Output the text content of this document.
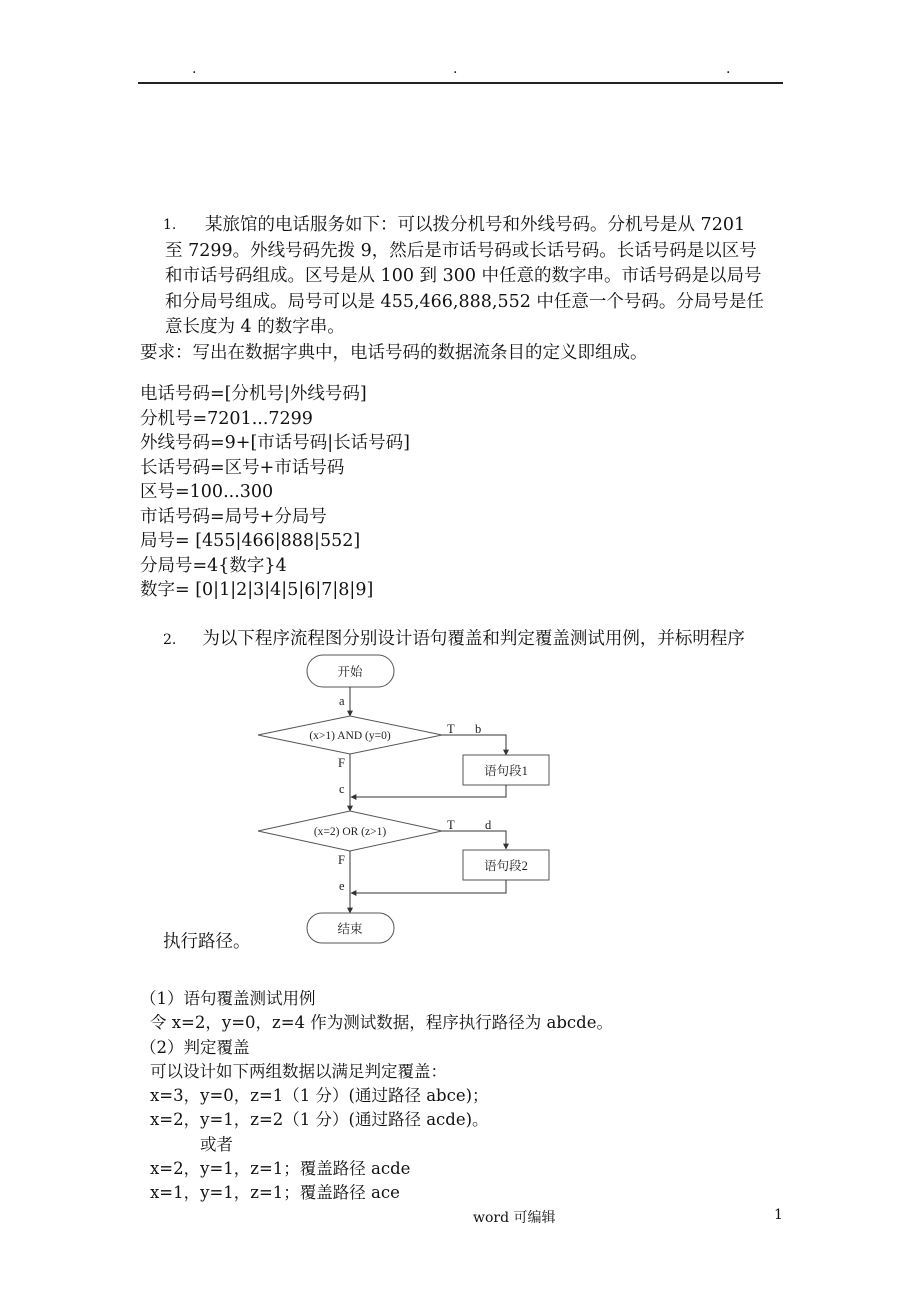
.	.	.
1. 某旅馆的电话服务如下：可以拨分机号和外线号码。分机号是从 7201
至 7299。外线号码先拨 9，然后是市话号码或长话号码。长话号码是以区号
和市话号码组成。区号是从 100 到 300 中任意的数字串。市话号码是以局号
和分局号组成。局号可以是 455,466,888,552 中任意一个号码。分局号是任
意长度为 4 的数字串。
要求：写出在数据字典中，电话号码的数据流条目的定义即组成。
电话号码=[分机号|外线号码]
分机号=7201...7299
外线号码=9+[市话号码|长话号码]
长话号码=区号+市话号码
区号=100...300
市话号码=局号+分局号
局号= [455|466|888|552]
分局号=4{数字}4
数字= [0|1|2|3|4|5|6|7|8|9]
2. 为以下程序流程图分别设计语句覆盖和判定覆盖测试用例，并标明程序
开始
a
(x>1) AND (y=0)	T b
语句段1
F
c
(x=2) OR (z>1)	T d
语句段2
F
e
结束
执行路径。
（1）语句覆盖测试用例
令 x=2，y=0，z=4 作为测试数据，程序执行路径为 abcde。
（2）判定覆盖
可以设计如下两组数据以满足判定覆盖：
x=3，y=0，z=1（1 分）(通过路径 abce)；
x=2，y=1，z=2（1 分）(通过路径 acde)。
或者
x=2，y=1，z=1；覆盖路径 acde
x=1，y=1，z=1；覆盖路径 ace
word 可编辑	1
